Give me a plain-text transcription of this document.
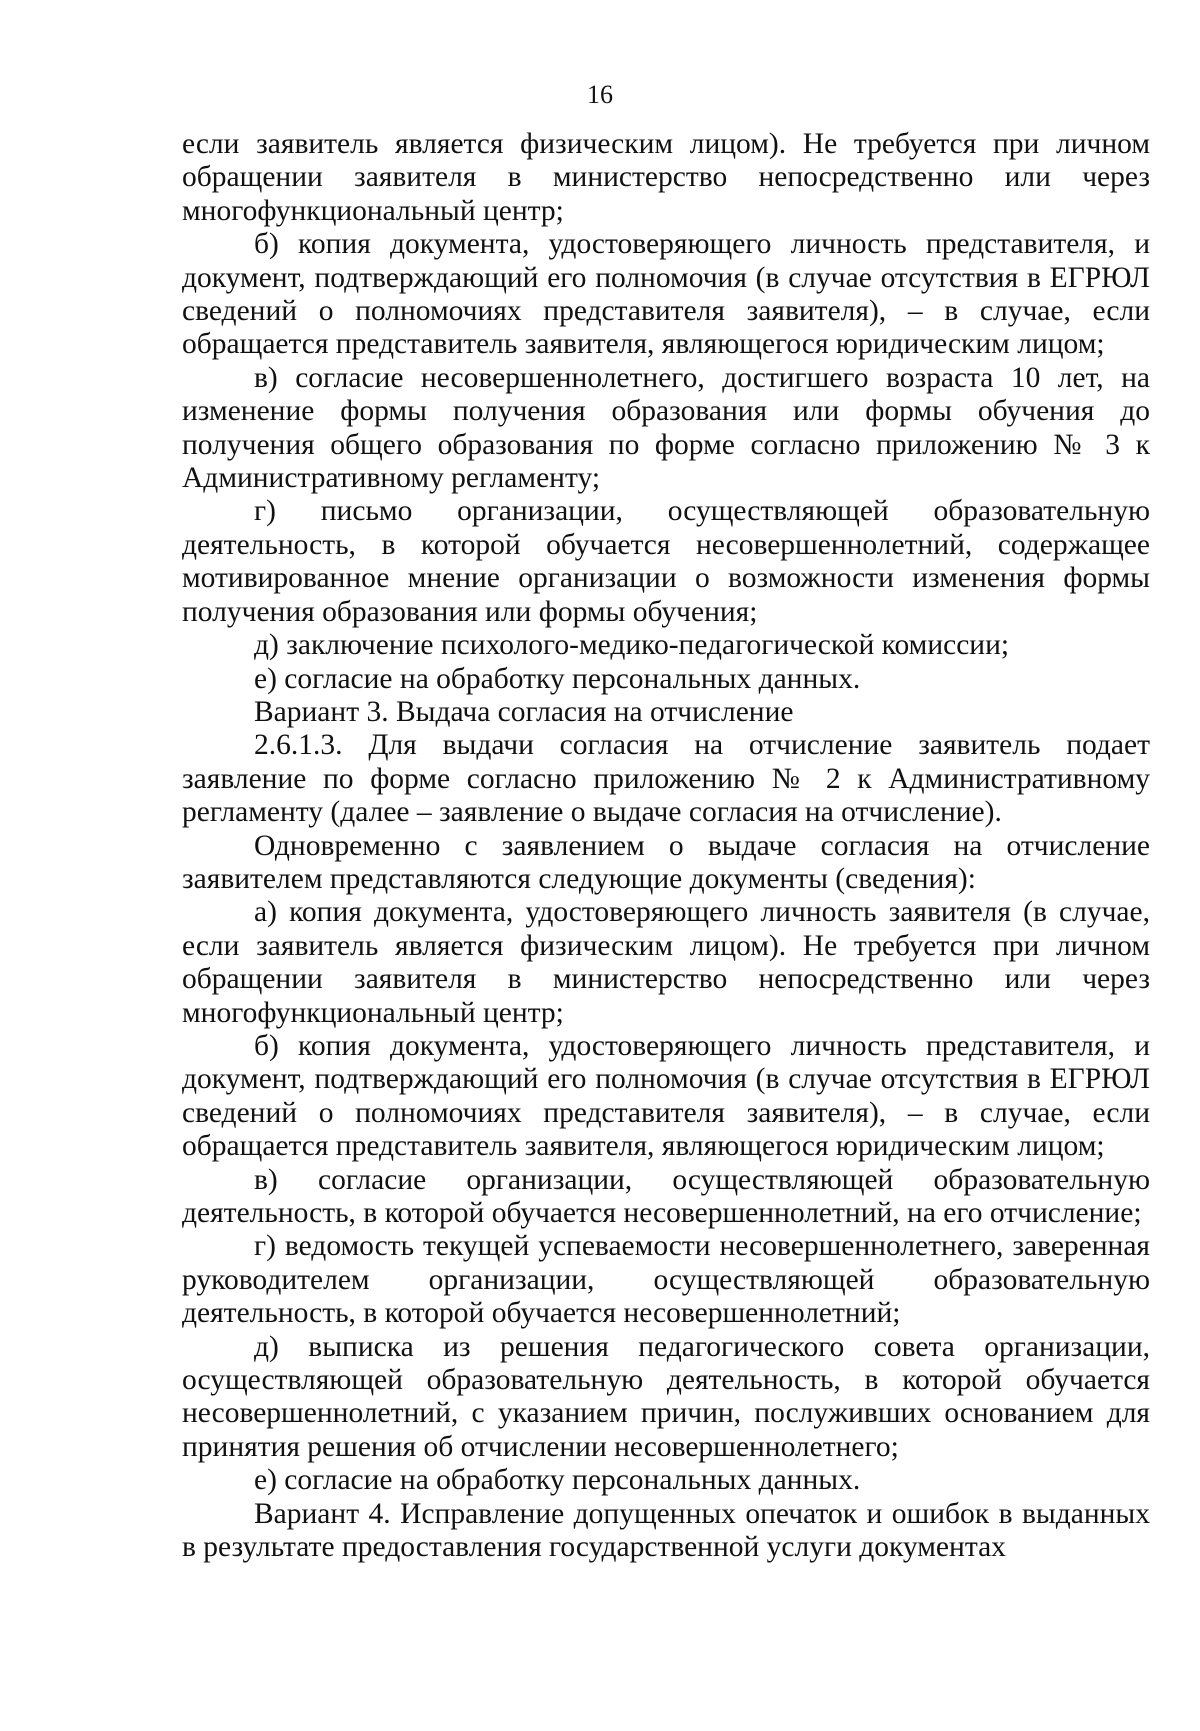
16

если заявитель является физическим лицом). Не требуется при личном обращении заявителя в министерство непосредственно или через многофункциональный центр;

б) копия документа, удостоверяющего личность представителя, и документ, подтверждающий его полномочия (в случае отсутствия в ЕГРЮЛ сведений о полномочиях представителя заявителя), – в случае, если обращается представитель заявителя, являющегося юридическим лицом;

в) согласие несовершеннолетнего, достигшего возраста 10 лет, на изменение формы получения образования или формы обучения до получения общего образования по форме согласно приложению № 3 к Административному регламенту;

г) письмо организации, осуществляющей образовательную деятельность, в которой обучается несовершеннолетний, содержащее мотивированное мнение организации о возможности изменения формы получения образования или формы обучения;

д) заключение психолого-медико-педагогической комиссии;

е) согласие на обработку персональных данных.

Вариант 3. Выдача согласия на отчисление

2.6.1.3. Для выдачи согласия на отчисление заявитель подает заявление по форме согласно приложению № 2 к Административному регламенту (далее – заявление о выдаче согласия на отчисление).

Одновременно с заявлением о выдаче согласия на отчисление заявителем представляются следующие документы (сведения):

а) копия документа, удостоверяющего личность заявителя (в случае, если заявитель является физическим лицом). Не требуется при личном обращении заявителя в министерство непосредственно или через многофункциональный центр;

б) копия документа, удостоверяющего личность представителя, и документ, подтверждающий его полномочия (в случае отсутствия в ЕГРЮЛ сведений о полномочиях представителя заявителя), – в случае, если обращается представитель заявителя, являющегося юридическим лицом;

в) согласие организации, осуществляющей образовательную деятельность, в которой обучается несовершеннолетний, на его отчисление;

г) ведомость текущей успеваемости несовершеннолетнего, заверенная руководителем организации, осуществляющей образовательную деятельность, в которой обучается несовершеннолетний;

д) выписка из решения педагогического совета организации, осуществляющей образовательную деятельность, в которой обучается несовершеннолетний, с указанием причин, послуживших основанием для принятия решения об отчислении несовершеннолетнего;

е) согласие на обработку персональных данных.

Вариант 4. Исправление допущенных опечаток и ошибок в выданных в результате предоставления государственной услуги документах
